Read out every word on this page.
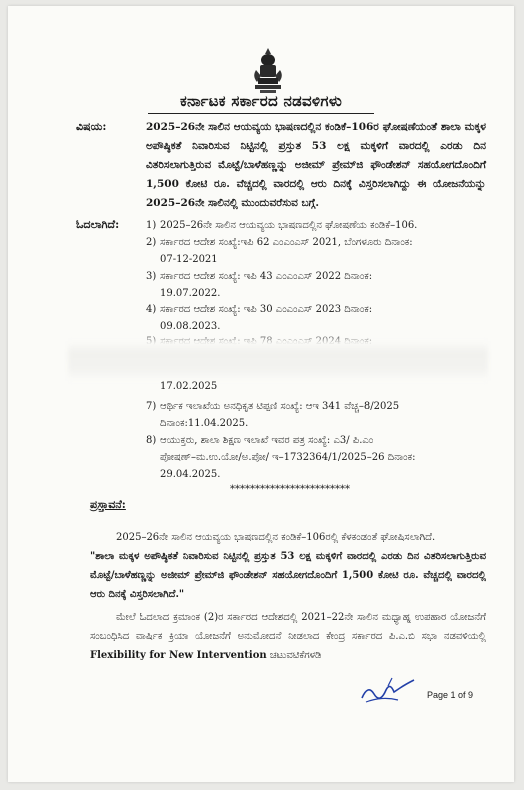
ಕರ್ನಾಟಕ ಸರ್ಕಾರದ ನಡವಳಿಗಳು
ವಿಷಯ:	2025–26ನೇ ಸಾಲಿನ ಆಯವ್ಯಯ ಭಾಷಣದಲ್ಲಿನ ಕಂಡಿಕೆ–106ರ ಘೋಷಣೆಯಂತೆ ಶಾಲಾ ಮಕ್ಕಳ ಅಪೌಷ್ಠಿಕತೆ ನಿವಾರಿಸುವ ನಿಟ್ಟಿನಲ್ಲಿ ಪ್ರಸ್ತುತ 53 ಲಕ್ಷ ಮಕ್ಕಳಿಗೆ ವಾರದಲ್ಲಿ ಎರಡು ದಿನ ವಿತರಿಸಲಾಗುತ್ತಿರುವ ಮೊಟ್ಟೆ/ಬಾಳೆಹಣ್ಣನ್ನು ಅಜೀಮ್ ಪ್ರೇಮ್‌ಜಿ ಫೌಂಡೇಶನ್ ಸಹಯೋಗದೊಂದಿಗೆ 1,500 ಕೋಟಿ ರೂ. ವೆಚ್ಚದಲ್ಲಿ ವಾರದಲ್ಲಿ ಆರು ದಿನಕ್ಕೆ ವಿಸ್ತರಿಸಲಾಗಿದ್ದು ಈ ಯೋಜನೆಯನ್ನು 2025–26ನೇ ಸಾಲಿನಲ್ಲಿ ಮುಂದುವರೆಸುವ ಬಗ್ಗೆ.
ಓದಲಾಗಿದೆ:	1) 2025–26ನೇ ಸಾಲಿನ ಆಯವ್ಯಯ ಭಾಷಣದಲ್ಲಿನ ಘೋಷಣೆಯ ಕಂಡಿಕೆ–106.
2) ಸರ್ಕಾರದ ಆದೇಶ ಸಂಖ್ಯೆ:ಇಪಿ 62 ಎಂಎಂಎಸ್ 2021, ಬೆಂಗಳೂರು ದಿನಾಂಕ:
07-12-2021
3) ಸರ್ಕಾರದ ಆದೇಶ ಸಂಖ್ಯೆ: ಇಪಿ 43 ಎಂಎಂಎಸ್ 2022 ದಿನಾಂಕ:
19.07.2022.
4) ಸರ್ಕಾರದ ಆದೇಶ ಸಂಖ್ಯೆ: ಇಪಿ 30 ಎಂಎಂಎಸ್ 2023 ದಿನಾಂಕ:
09.08.2023.
17.02.2025
7) ಆರ್ಥಿಕ ಇಲಾಖೆಯ ಅನಧಿಕೃತ ಟಿಪ್ಪಣಿ ಸಂಖ್ಯೆ: ಆಇ 341 ವೆಚ್ಚ–8/2025
ದಿನಾಂಕ:11.04.2025.
8) ಆಯುಕ್ತರು, ಶಾಲಾ ಶಿಕ್ಷಣ ಇಲಾಖೆ ಇವರ ಪತ್ರ ಸಂಖ್ಯೆ: ಎ3/ ಪಿ.ಎಂ
ಪೋಷಣ್–ಮ.ಉ.ಯೋ/ಅ.ಪೋ/ ಇ–1732364/1/2025–26 ದಿನಾಂಕ:
29.04.2025.
************************
ಪ್ರಸ್ತಾವನೆ:
2025–26ನೇ ಸಾಲಿನ ಆಯವ್ಯಯ ಭಾಷಣದಲ್ಲಿನ ಕಂಡಿಕೆ–106ರಲ್ಲಿ ಕೆಳಕಂಡಂತೆ ಘೋಷಿಸಲಾಗಿದೆ.
"ಶಾಲಾ ಮಕ್ಕಳ ಅಪೌಷ್ಠಿಕತೆ ನಿವಾರಿಸುವ ನಿಟ್ಟಿನಲ್ಲಿ ಪ್ರಸ್ತುತ 53 ಲಕ್ಷ ಮಕ್ಕಳಿಗೆ ವಾರದಲ್ಲಿ ಎರಡು ದಿನ ವಿತರಿಸಲಾಗುತ್ತಿರುವ ಮೊಟ್ಟೆ/ಬಾಳೆಹಣ್ಣನ್ನು ಅಜೀಮ್ ಪ್ರೇಮ್‌ಜಿ ಫೌಂಡೇಶನ್ ಸಹಯೋಗದೊಂದಿಗೆ 1,500 ಕೋಟಿ ರೂ. ವೆಚ್ಚದಲ್ಲಿ ವಾರದಲ್ಲಿ ಆರು ದಿನಕ್ಕೆ ವಿಸ್ತರಿಸಲಾಗಿದೆ."
ಮೇಲೆ ಓದಲಾದ ಕ್ರಮಾಂಕ (2)ರ ಸರ್ಕಾರದ ಆದೇಶದಲ್ಲಿ 2021–22ನೇ ಸಾಲಿನ ಮಧ್ಯಾಹ್ನ ಉಪಹಾರ ಯೋಜನೆಗೆ ಸಂಬಂಧಿಸಿದ ವಾರ್ಷಿಕ ಕ್ರಿಯಾ ಯೋಜನೆಗೆ ಅನುಮೋದನೆ ನೀಡಲಾದ ಕೇಂದ್ರ ಸರ್ಕಾರದ ಪಿ.ಎ.ಬಿ ಸಭಾ ನಡವಳಿಯಲ್ಲಿ Flexibility for New Intervention ಚಟುವಟಿಕೆಗಳಡಿ
Page 1 of 9
